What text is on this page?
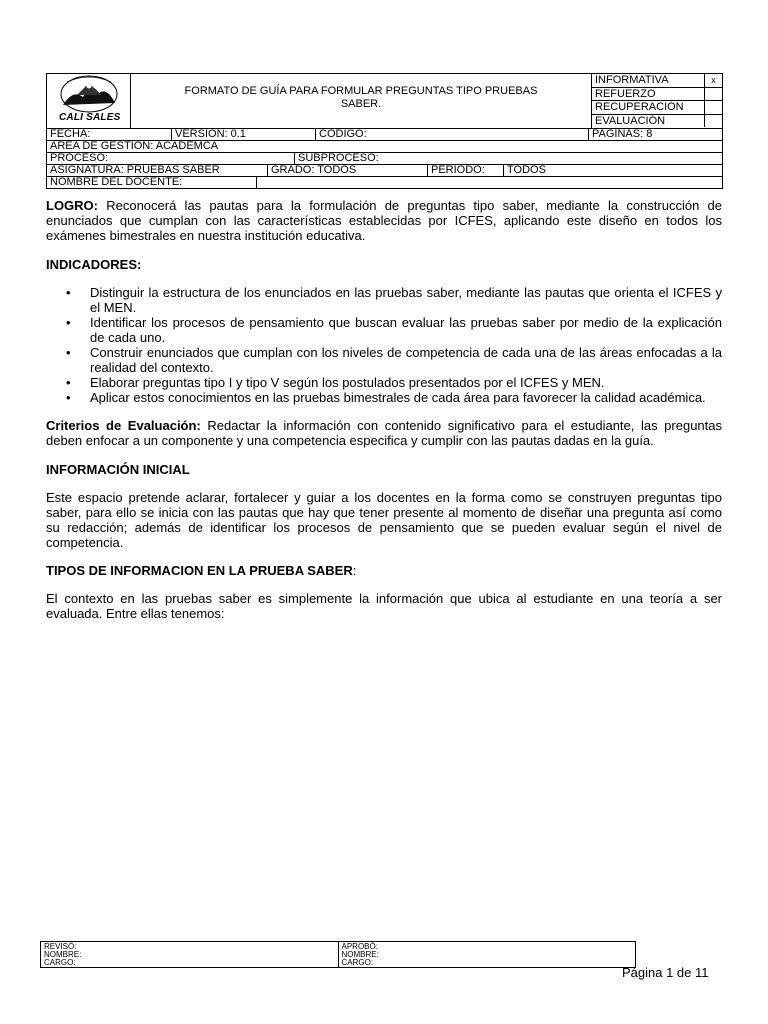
CALI SALES
FORMATO DE GUÍA PARA FORMULAR PREGUNTAS TIPO PRUEBAS
SABER.
INFORMATIVA	x
REFUERZO
RECUPERACIÓN
EVALUACIÓN
FECHA:	VERSIÓN: 0.1	CÓDIGO:	PAGINAS: 8
ÁREA DE GESTIÓN: ACADÉMCA
PROCESO:	SUBPROCESO:
ASIGNATURA: PRUEBAS SABER	GRADO: TODOS	PERIODO:	TODOS
NOMBRE DEL DOCENTE:

LOGRO: Reconocerá las pautas para la formulación de preguntas tipo saber, mediante la construcción de enunciados que cumplan con las características establecidas por ICFES, aplicando este diseño en todos los exámenes bimestrales en nuestra institución educativa.

INDICADORES:

• Distinguir la estructura de los enunciados en las pruebas saber, mediante las pautas que orienta el ICFES y el MEN.
• Identificar los procesos de pensamiento que buscan evaluar las pruebas saber por medio de la explicación de cada uno.
• Construir enunciados que cumplan con los niveles de competencia de cada una de las áreas enfocadas a la realidad del contexto.
• Elaborar preguntas tipo I y tipo V según los postulados presentados por el ICFES y MEN.
• Aplicar estos conocimientos en las pruebas bimestrales de cada área para favorecer la calidad académica.

Criterios de Evaluación: Redactar la información con contenido significativo para el estudiante, las preguntas deben enfocar a un componente y una competencia especifica y cumplir con las pautas dadas en la guía.

INFORMACIÓN INICIAL

Este espacio pretende aclarar, fortalecer y guiar a los docentes en la forma como se construyen preguntas tipo saber, para ello se inicia con las pautas que hay que tener presente al momento de diseñar una pregunta así como su redacción; además de identificar los procesos de pensamiento que se pueden evaluar según el nivel de competencia.

TIPOS DE INFORMACION EN LA PRUEBA SABER:

El contexto en las pruebas saber es simplemente la información que ubica al estudiante en una teoría a ser evaluada. Entre ellas tenemos:

REVISÓ:
NOMBRE:
CARGO:
APROBÓ:
NOMBRE:
CARGO:
Página 1 de 11
